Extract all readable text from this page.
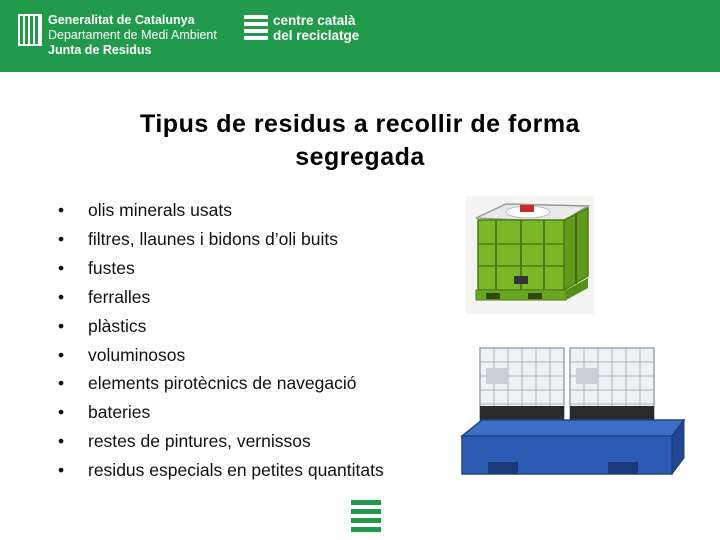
Generalitat de Catalunya
Departament de Medi Ambient
Junta de Residus
centre català
del reciclatge
Tipus de residus a recollir de forma
segregada
• olis minerals usats
• filtres, llaunes i bidons d’oli buits
• fustes
• ferralles
• plàstics
• voluminosos
• elements pirotècnics de navegació
• bateries
• restes de pintures, vernissos
• residus especials en petites quantitats
